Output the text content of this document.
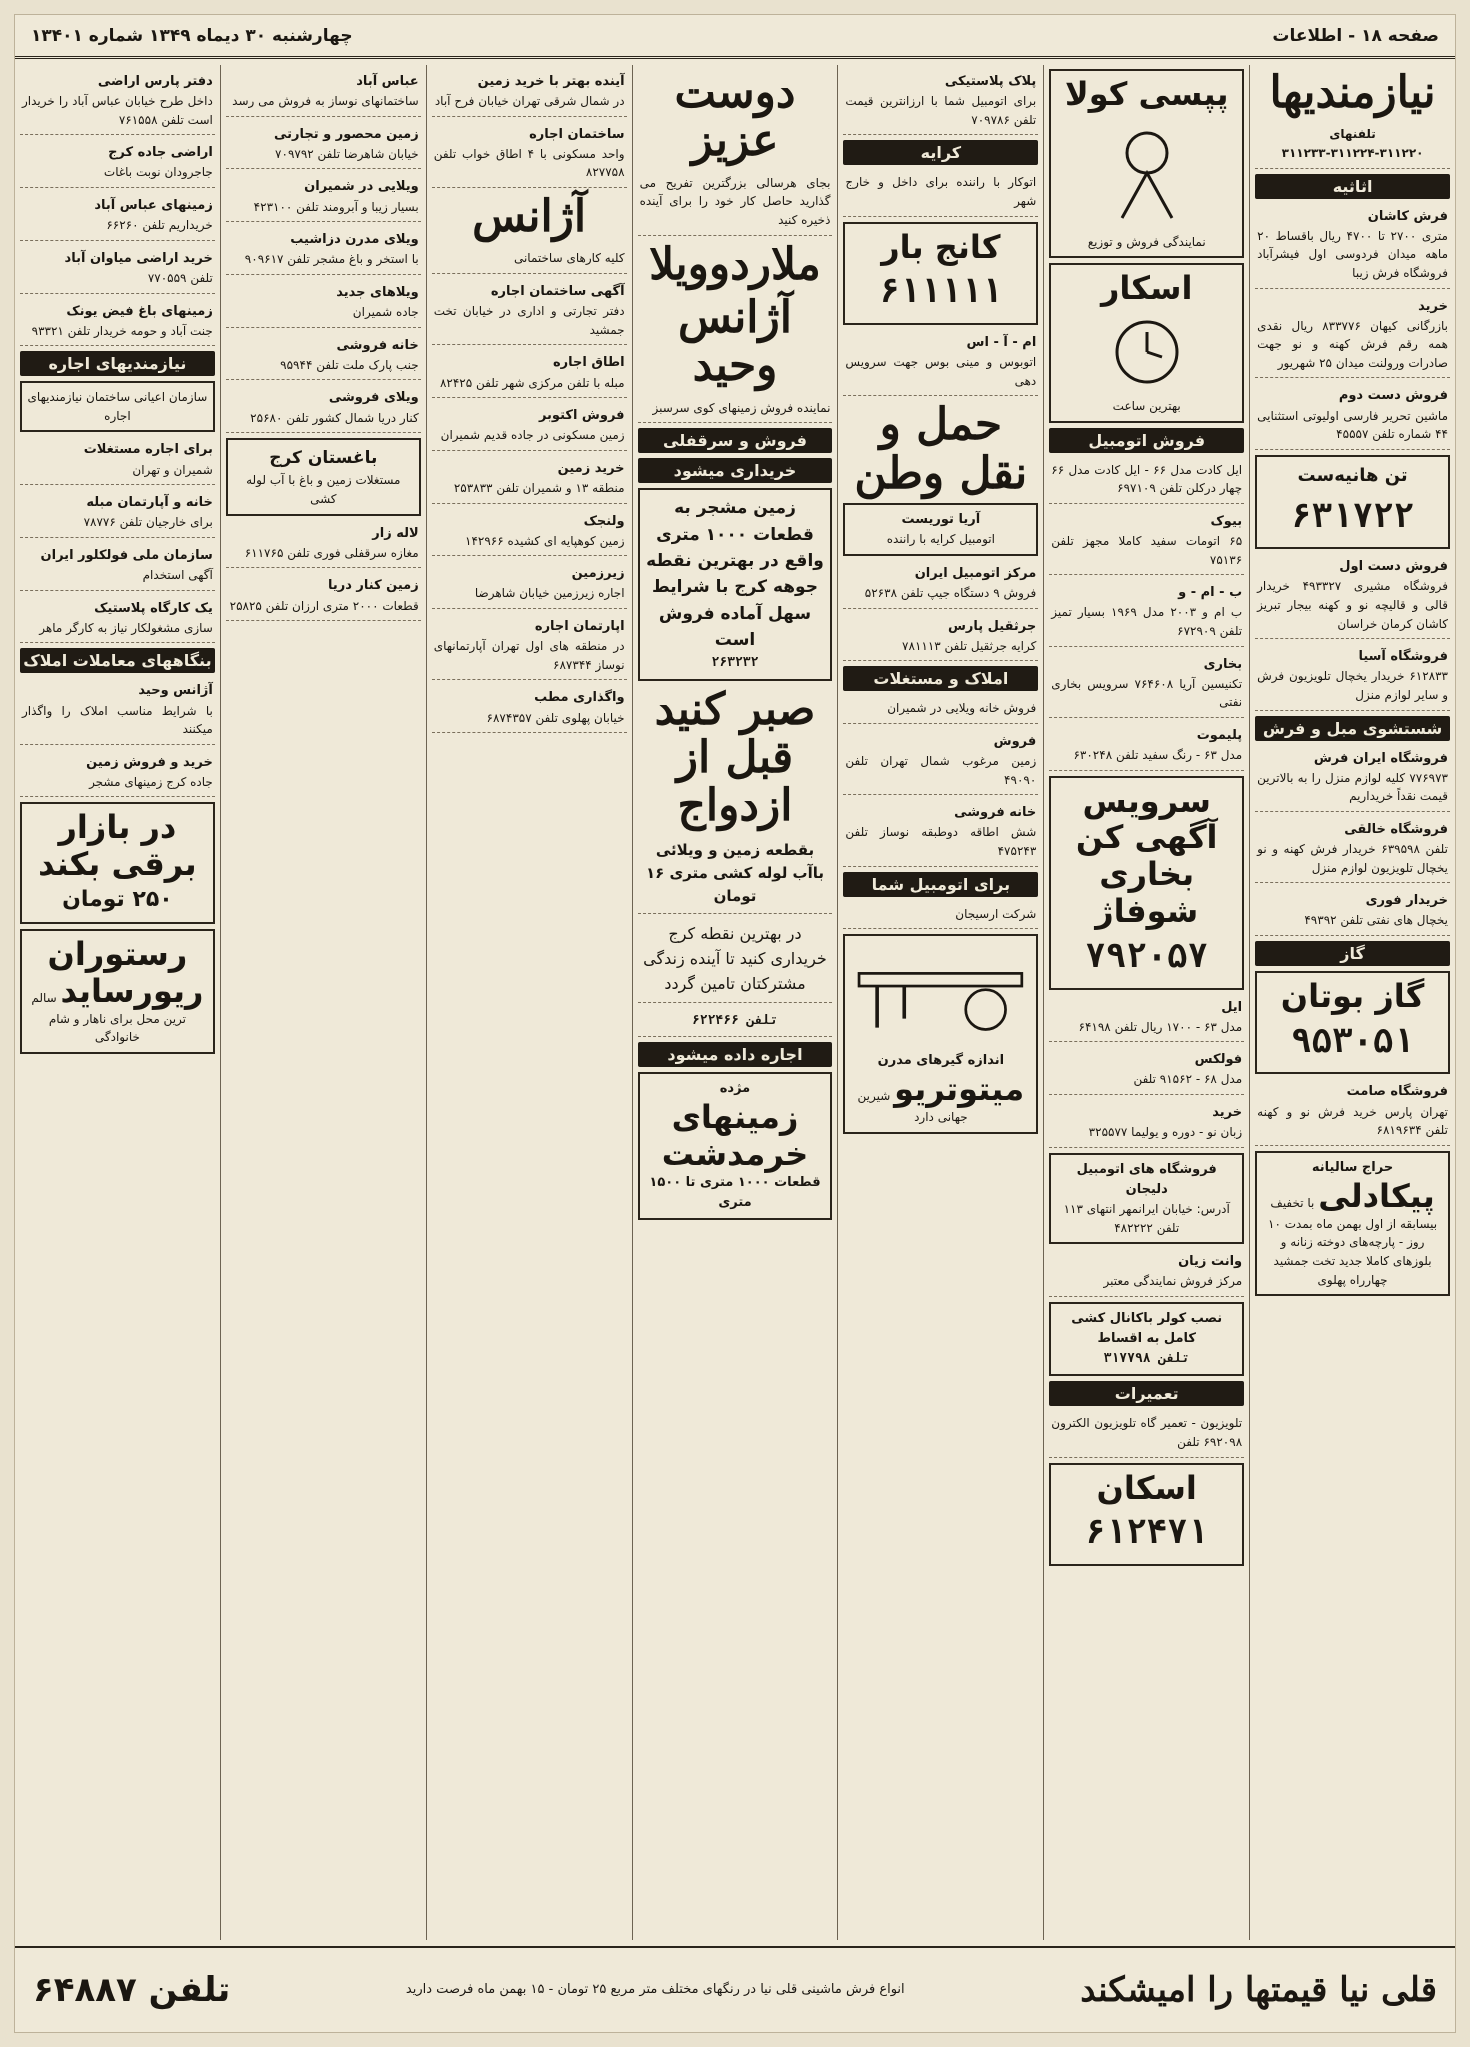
صفحه ۱۸ - اطلاعات
چهارشنبه ۳۰ دیماه ۱۳۴۹ شماره ۱۳۴۰۱
نیازمندیها
تلفنهای ۳۱۱۲۲۰-۳۱۱۲۲۴-۳۱۱۲۳۳
اثاثیه
فرش کاشان
متری ۲۷۰۰ تا ۴۷۰۰ ریال باقساط ۲۰ ماهه میدان فردوسی اول فیشرآباد فروشگاه فرش زیبا
خرید
بازرگانی کیهان ۸۳۳۷۷۶ ریال نقدی همه رقم فرش کهنه و نو جهت صادرات ورولنت میدان ۲۵ شهریور
فروش دست دوم
ماشین تحریر فارسی اولیوتی استثنایی ۴۴ شماره تلفن ۴۵۵۵۷
تن هانیه‌ست
۶۳۱۷۲۲
فروش دست اول
فروشگاه مشیری ۴۹۳۳۲۷ خریدار قالی و قالیچه نو و کهنه بیجار تبریز کاشان کرمان خراسان
فروشگاه آسیا
۶۱۲۸۳۳ خریدار یخچال تلویزیون فرش و سایر لوازم منزل
شستشوی مبل و فرش
فروشگاه ایران فرش
۷۷۶۹۷۳ کلیه لوازم منزل را به بالاترین قیمت نقداً خریداریم
فروشگاه خالقی
تلفن ۶۳۹۵۹۸ خریدار فرش کهنه و نو یخچال تلویزیون لوازم منزل
خریدار فوری
یخچال های نفتی تلفن ۴۹۳۹۲
گاز
گاز بوتان ۹۵۳۰۵۱
فروشگاه صامت
تهران پارس خرید فرش نو و کهنه تلفن ۶۸۱۹۶۳۴
حراج سالیانه
پیکادلی با تخفیف بیسابقه از اول بهمن ماه بمدت ۱۰ روز - پارچه‌های دوخته زنانه و بلوزهای کاملا جدید تخت جمشید چهارراه پهلوی
پپسی کولا
نمایندگی فروش و توزیع
اسکار
بهترین ساعت
فروش اتومبیل
ایل کادت مدل ۶۶ - ایل کادت مدل ۶۶ چهار درکلن تلفن ۶۹۷۱۰۹
بیوک
۶۵ اتومات سفید کاملا مجهز تلفن ۷۵۱۳۶
ب - ام - و
ب ام و ۲۰۰۳ مدل ۱۹۶۹ بسیار تمیز تلفن ۶۷۲۹۰۹
بخاری
تکنیسین آریا ۷۶۴۶۰۸ سرویس بخاری نفتی
پلیموت
مدل ۶۳ - رنگ سفید تلفن ۶۳۰۲۴۸
سرویس آگهی کن بخاری شوفاژ ۷۹۲۰۵۷
ایل
مدل ۶۳ - ۱۷۰۰ ریال تلفن ۶۴۱۹۸
فولکس
مدل ۶۸ - ۹۱۵۶۲ تلفن
خرید
زبان نو - دوره و یولیما ۳۲۵۵۷۷
فروشگاه های اتومبیل دلیجان
آدرس: خیابان ایرانمهر انتهای ۱۱۳ تلفن ۴۸۲۲۲۲
وانت زیان
مرکز فروش نمایندگی معتبر
نصب کولر باکانال کشی کامل به اقساط
تلفن ۳۱۷۷۹۸
تعمیرات
تلویزیون - تعمیر گاه تلویزیون الکترون ۶۹۲۰۹۸ تلفن
اسکان ۶۱۲۴۷۱
پلاک پلاستیکی
برای اتومبیل شما با ارزانترین قیمت تلفن ۷۰۹۷۸۶
کرایه
اتوکار با راننده برای داخل و خارج شهر
کانج بار ۶۱۱۱۱۱
ام - آ - اس
اتوبوس و مینی بوس جهت سرویس دهی
حمل و نقل وطن
آریا توریست
اتومبیل کرایه با راننده
مرکز اتومبیل ایران
فروش ۹ دستگاه جیپ تلفن ۵۲۶۳۸
جرثقیل پارس
کرایه جرثقیل تلفن ۷۸۱۱۱۳
املاک و مستغلات
فروش خانه ویلایی در شمیران
فروش
زمین مرغوب شمال تهران تلفن ۴۹۰۹۰
خانه فروشی
شش اطاقه دوطبقه نوساز تلفن ۴۷۵۲۴۳
برای اتومبیل شما
شرکت ارسیجان
اندازه گیرهای مدرن
میتوتریو شیرین جهانی دارد
دوست عزیز
بجای هرسالی بزرگترین تفریح می گذارید حاصل کار خود را برای آینده ذخیره کنید
ملاردوویلا
آژانس وحید
نماینده فروش زمینهای کوی سرسبز
فروش و سرقفلی
خریداری میشود
زمین مشجر به قطعات ۱۰۰۰ متری واقع در بهترین نقطه جوهه کرج با شرایط سهل آماده فروش است
۲۶۳۲۳۲
صبر کنید قبل از ازدواج
بقطعه زمین و ویلائی باآب لوله کشی متری ۱۶ تومان
در بهترین نقطه کرج خریداری کنید تا آینده زندگی مشترکتان تامین گردد
تلفن ۶۲۲۴۶۶
اجاره داده میشود
مژده
زمینهای خرمدشت
قطعات ۱۰۰۰ متری تا ۱۵۰۰ متری
آینده بهتر با خرید زمین
در شمال شرقی تهران خیابان فرح آباد
ساختمان اجاره
واحد مسکونی با ۴ اطاق خواب تلفن ۸۲۷۷۵۸
آژانس
کلیه کارهای ساختمانی
آگهی ساختمان اجاره
دفتر تجارتی و اداری در خیابان تخت جمشید
اطاق اجاره
مبله با تلفن مرکزی شهر تلفن ۸۲۴۲۵
فروش اکتوبر
زمین مسکونی در جاده قدیم شمیران
خرید زمین
منطقه ۱۳ و شمیران تلفن ۲۵۳۸۳۳
ولنجک
زمین کوهپایه ای کشیده ۱۴۲۹۶۶
زیرزمین
اجاره زیرزمین خیابان شاهرضا
اپارتمان اجاره
در منطقه های اول تهران آپارتمانهای نوساز ۶۸۷۳۴۴
واگذاری مطب
خیابان پهلوی تلفن ۶۸۷۴۳۵۷
عباس آباد
ساختمانهای نوساز به فروش می رسد
زمین محصور و تجارتی
خیابان شاهرضا تلفن ۷۰۹۷۹۲
ویلایی در شمیران
بسیار زیبا و آبرومند تلفن ۴۲۳۱۰۰
ویلای مدرن دزاشیب
با استخر و باغ مشجر تلفن ۹۰۹۶۱۷
ویلاهای جدید
جاده شمیران
خانه فروشی
جنب پارک ملت تلفن ۹۵۹۴۴
ویلای فروشی
کنار دریا شمال کشور تلفن ۲۵۶۸۰
باغستان کرج
مستغلات زمین و باغ با آب لوله کشی
لاله زار
مغازه سرقفلی فوری تلفن ۶۱۱۷۶۵
زمین کنار دریا
قطعات ۲۰۰۰ متری ارزان تلفن ۲۵۸۲۵
دفتر پارس اراضی
داخل طرح خیابان عباس آباد را خریدار است تلفن ۷۶۱۵۵۸
اراضی جاده کرج
جاجرودان نوبت باغات
زمینهای عباس آباد
خریداریم تلفن ۶۶۲۶۰
خرید اراضی میاوان آباد
تلفن ۷۷۰۵۵۹
زمینهای باغ فیض یونک
جنت آباد و حومه خریدار تلفن ۹۳۳۲۱
نیازمندیهای اجاره
سازمان اعیانی ساختمان نیازمندیهای اجاره
برای اجاره مستغلات
شمیران و تهران
خانه و آپارتمان مبله
برای خارجیان تلفن ۷۸۷۷۶
سازمان ملی فولکلور ایران
آگهی استخدام
یک کارگاه پلاستیک
سازی مشغولکار نیاز به کارگر ماهر
بنگاههای معاملات املاک
آژانس وحید
با شرایط مناسب املاک را واگذار میکنند
خرید و فروش زمین
جاده کرج زمینهای مشجر
در بازار برقی بکند
۲۵۰ تومان
رستوران ریورساید سالم ترین محل برای ناهار و شام خانوادگی
قلی نیا قیمتها را امیشکند
انواع فرش ماشینی قلی نیا در رنگهای مختلف متر مربع ۲۵ تومان - ۱۵ بهمن ماه فرصت دارید
تلفن ۶۴۸۸۷
